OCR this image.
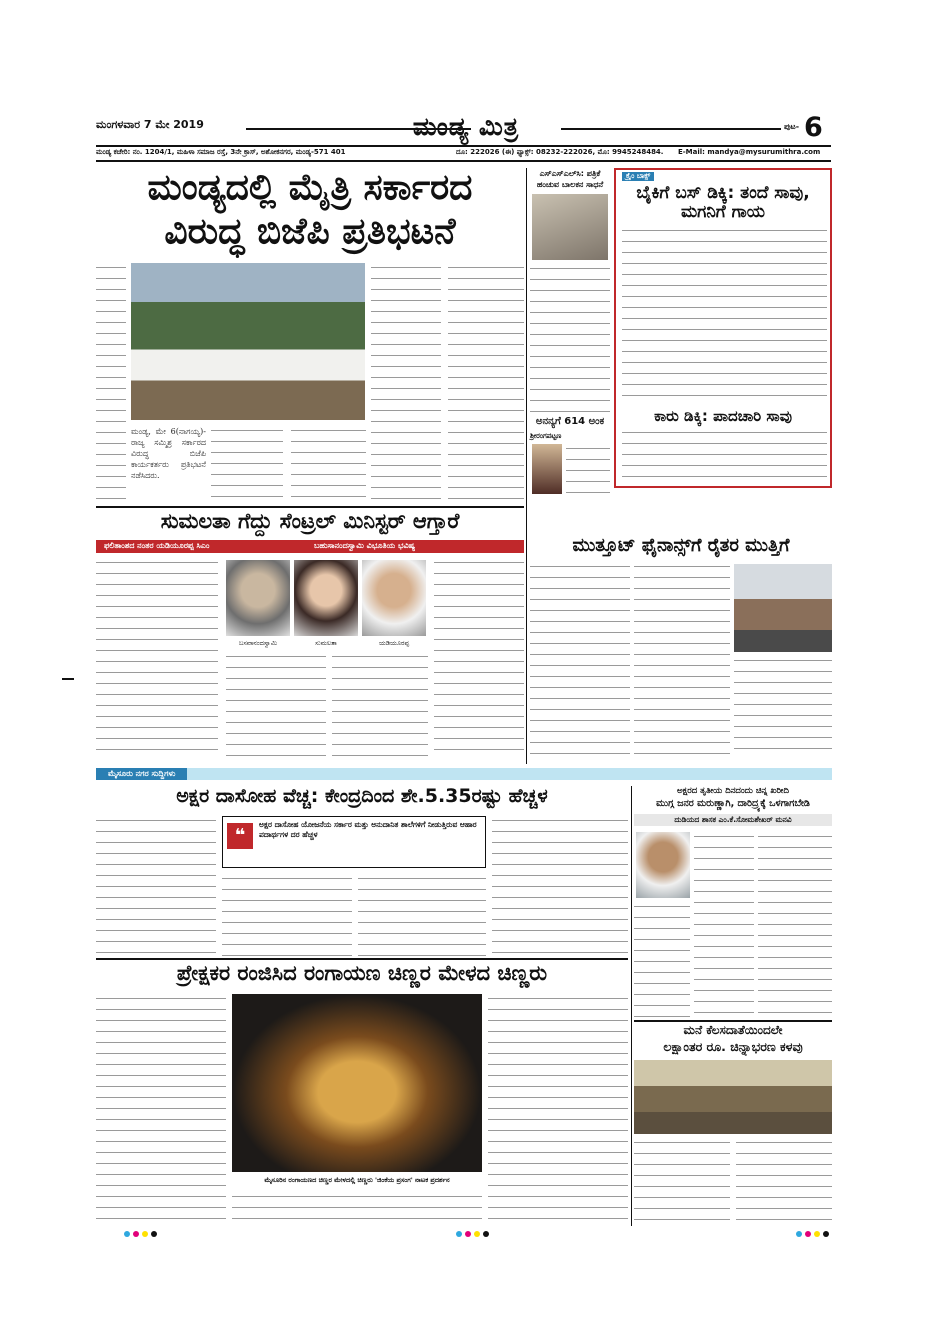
ಮಂಗಳವಾರ 7 ಮೇ 2019	ಮಂಡ್ಯ ಮಿತ್ರ	ಪುಟ- 6
ಮಂಡ್ಯ ಕಚೇರಿ: ನಂ. 1204/1, ಮಹಿಳಾ ಸಮಾಜ ರಸ್ತೆ, 3ನೇ ಕ್ರಾಸ್, ಅಶೋಕನಗರ, ಮಂಡ್ಯ-571 401	ದೂ: 222026 (ಈ) ಫ್ಯಾಕ್ಸ್: 08232-222026, ಮೊ: 9945248484. E-Mail: mandya@mysurumithra.com
ಮಂಡ್ಯದಲ್ಲಿ ಮೈತ್ರಿ ಸರ್ಕಾರದ
ವಿರುದ್ಧ ಬಿಜೆಪಿ ಪ್ರತಿಭಟನೆ
ಮಂಡ್ಯ, ಮೇ 6(ನಾಗಯ್ಯ)- ರಾಜ್ಯ ಸಮ್ಮಿಶ್ರ ಸರ್ಕಾರದ ವಿರುದ್ಧ ಬಿಜೆಪಿ ಕಾರ್ಯಕರ್ತರು ಪ್ರತಿಭಟನೆ ನಡೆಸಿದರು.
ಎಸ್‌ಎಸ್‌ಎಲ್‌ಸಿ: ಪತ್ರಿಕೆ ಹಂಚುವ ಬಾಲಕನ ಸಾಧನೆ
ಅನನ್ಯಗೆ 614 ಅಂಕ
ಶ್ರೀರಂಗಪಟ್ಟಣ
ಕ್ರೈಂ ಬಾಕ್ಸ್
ಬೈಕಿಗೆ ಬಸ್ ಡಿಕ್ಕಿ: ತಂದೆ ಸಾವು, ಮಗನಿಗೆ ಗಾಯ
ಕಾರು ಡಿಕ್ಕಿ: ಪಾದಚಾರಿ ಸಾವು
ಸುಮಲತಾ ಗೆದ್ದು ಸೆಂಟ್ರಲ್ ಮಿನಿಸ್ಟರ್ ಆಗ್ತಾರೆ
ಫಲಿತಾಂಶದ ನಂತರ ಯಡಿಯೂರಪ್ಪ ಸಿಎಂ	ಬಹುಸಾನಂದಸ್ವಾಮಿ ವಿಭೂತಿಯ ಭವಿಷ್ಯ
ಬಸವಾನಂದಸ್ವಾಮಿ	ಸುಮಲತಾ	ಯಡಿಯೂರಪ್ಪ
ಮುತ್ತೂಟ್ ಫೈನಾನ್ಸ್‌ಗೆ ರೈತರ ಮುತ್ತಿಗೆ
ಮೈಸೂರು ನಗರ ಸುದ್ದಿಗಳು
ಅಕ್ಷರ ದಾಸೋಹ ವೆಚ್ಚ: ಕೇಂದ್ರದಿಂದ ಶೇ.5.35ರಷ್ಟು ಹೆಚ್ಚಳ
❝
ಅಕ್ಷರ ದಾಸೋಹ ಯೋಜನೆಯ ಸರ್ಕಾರ ಮತ್ತು ಅನುದಾನಿತ ಶಾಲೆಗಳಿಗೆ ನೀಡುತ್ತಿರುವ ಆಹಾರ ಪದಾರ್ಥಗಳ ದರ ಹೆಚ್ಚಳ
ಪ್ರೇಕ್ಷಕರ ರಂಜಿಸಿದ ರಂಗಾಯಣ ಚಿಣ್ಣರ ಮೇಳದ ಚಿಣ್ಣರು
ಮೈಸೂರಿನ ರಂಗಾಯಣದ ಚಿಣ್ಣರ ಮೇಳದಲ್ಲಿ ಚಿಣ್ಣರು 'ಜಿಂಕೆಯ ಪ್ರಸಂಗ' ನಾಟಕ ಪ್ರದರ್ಶನ
ಅಕ್ಷರದ ತೃತೀಯ ದಿನದಂದು ಚಿನ್ನ ಖರೀದಿ
ಮುಗ್ಗ ಜನರ ಮರುಣ್ಣಾಗಿ, ದಾರಿದ್ರ್ಯಕ್ಕೆ ಒಳಗಾಗಬೇಡಿ
ದುಡಿಯದ ಶಾಸಕ ಎಂ.ಕೆ.ಸೋಮಶೇಖರ್ ಮನವಿ
ಮನೆ ಕೆಲಸದಾತೆಯಿಂದಲೇ
ಲಕ್ಷಾಂತರ ರೂ. ಚಿನ್ನಾಭರಣ ಕಳವು
